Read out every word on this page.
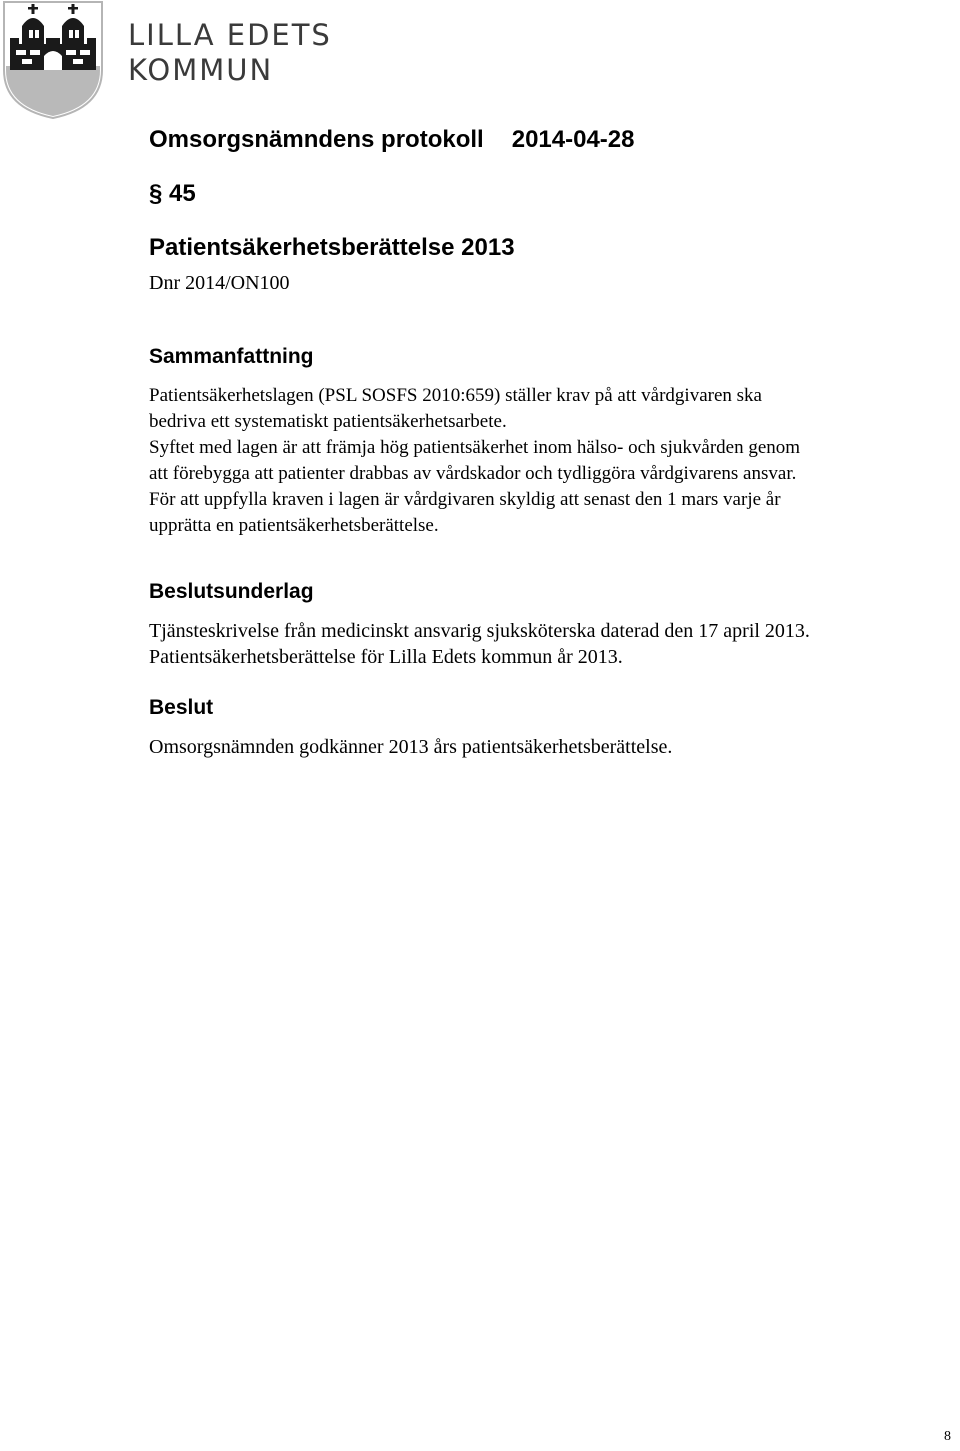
LILLA EDETS
KOMMUN
Omsorgsnämndens protokoll 2014-04-28
§ 45
Patientsäkerhetsberättelse 2013
Dnr 2014/ON100
Sammanfattning
Patientsäkerhetslagen (PSL SOSFS 2010:659) ställer krav på att vårdgivaren ska
bedriva ett systematiskt patientsäkerhetsarbete.
Syftet med lagen är att främja hög patientsäkerhet inom hälso- och sjukvården genom
att förebygga att patienter drabbas av vårdskador och tydliggöra vårdgivarens ansvar.
För att uppfylla kraven i lagen är vårdgivaren skyldig att senast den 1 mars varje år
upprätta en patientsäkerhetsberättelse.
Beslutsunderlag
Tjänsteskrivelse från medicinskt ansvarig sjuksköterska daterad den 17 april 2013.
Patientsäkerhetsberättelse för Lilla Edets kommun år 2013.
Beslut
Omsorgsnämnden godkänner 2013 års patientsäkerhetsberättelse.
8
